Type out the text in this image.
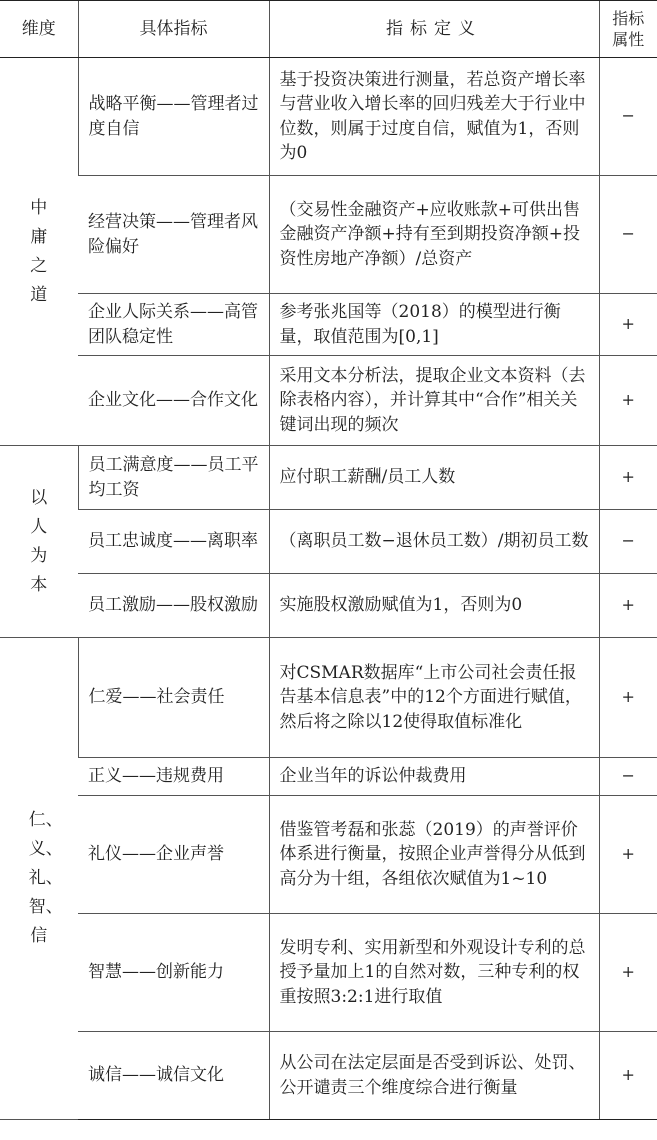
维度	具体指标	指标定义	指标属性

中庸之道	战略平衡——管理者过度自信	基于投资决策进行测量，若总资产增长率与营业收入增长率的回归残差大于行业中位数，则属于过度自信，赋值为1，否则为0	−
	经营决策——管理者风险偏好	（交易性金融资产+应收账款+可供出售金融资产净额+持有至到期投资净额+投资性房地产净额）/总资产	−
	企业人际关系——高管团队稳定性	参考张兆国等（2018）的模型进行衡量，取值范围为[0,1]	+
	企业文化——合作文化	采用文本分析法，提取企业文本资料（去除表格内容），并计算其中“合作”相关关键词出现的频次	+

以人为本	员工满意度——员工平均工资	应付职工薪酬/员工人数	+
	员工忠诚度——离职率	（离职员工数−退休员工数）/期初员工数	−
	员工激励——股权激励	实施股权激励赋值为1，否则为0	+

仁、义、礼、智、信	仁爱——社会责任	对CSMAR数据库“上市公司社会责任报告基本信息表”中的12个方面进行赋值，然后将之除以12使得取值标准化	+
	正义——违规费用	企业当年的诉讼仲裁费用	−
	礼仪——企业声誉	借鉴管考磊和张蕊（2019）的声誉评价体系进行衡量，按照企业声誉得分从低到高分为十组，各组依次赋值为1~10	+
	智慧——创新能力	发明专利、实用新型和外观设计专利的总授予量加上1的自然对数，三种专利的权重按照3:2:1进行取值	+
	诚信——诚信文化	从公司在法定层面是否受到诉讼、处罚、公开谴责三个维度综合进行衡量	+
